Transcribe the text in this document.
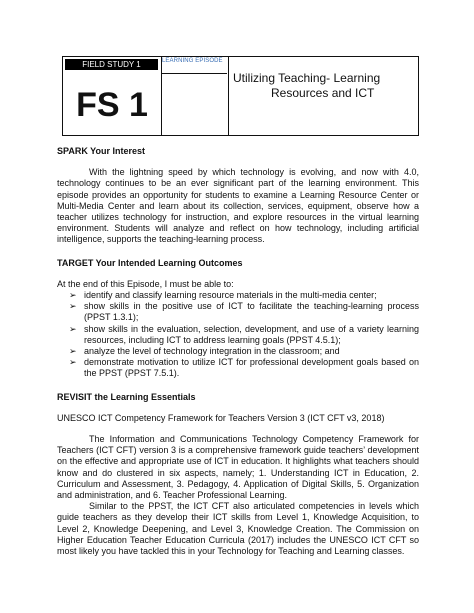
FIELD STUDY 1
FS 1
LEARNING EPISODE
Utilizing Teaching- Learning
Resources and ICT

SPARK Your Interest

With the lightning speed by which technology is evolving, and now with 4.0, technology continues to be an ever significant part of the learning environment. This episode provides an opportunity for students to examine a Learning Resource Center or Multi-Media Center and learn about its collection, services, equipment, observe how a teacher utilizes technology for instruction, and explore resources in the virtual learning environment. Students will analyze and reflect on how technology, including artificial intelligence, supports the teaching-learning process.

TARGET Your Intended Learning Outcomes

At the end of this Episode, I must be able to:

➢ identify and classify learning resource materials in the multi-media center;
➢ show skills in the positive use of ICT to facilitate the teaching-learning process (PPST 1.3.1);
➢ show skills in the evaluation, selection, development, and use of a variety learning resources, including ICT to address learning goals (PPST 4.5.1);
➢ analyze the level of technology integration in the classroom; and
➢ demonstrate motivation to utilize ICT for professional development goals based on the PPST (PPST 7.5.1).

REVISIT the Learning Essentials

UNESCO ICT Competency Framework for Teachers Version 3 (ICT CFT v3, 2018)

The Information and Communications Technology Competency Framework for Teachers (ICT CFT) version 3 is a comprehensive framework guide teachers’ development on the effective and appropriate use of ICT in education. It highlights what teachers should know and do clustered in six aspects, namely; 1. Understanding ICT in Education, 2. Curriculum and Assessment, 3. Pedagogy, 4. Application of Digital Skills, 5. Organization and administration, and 6. Teacher Professional Learning.

Similar to the PPST, the ICT CFT also articulated competencies in levels which guide teachers as they develop their ICT skills from Level 1, Knowledge Acquisition, to Level 2, Knowledge Deepening, and Level 3, Knowledge Creation. The Commission on Higher Education Teacher Education Curricula (2017) includes the UNESCO ICT CFT so most likely you have tackled this in your Technology for Teaching and Learning classes.
